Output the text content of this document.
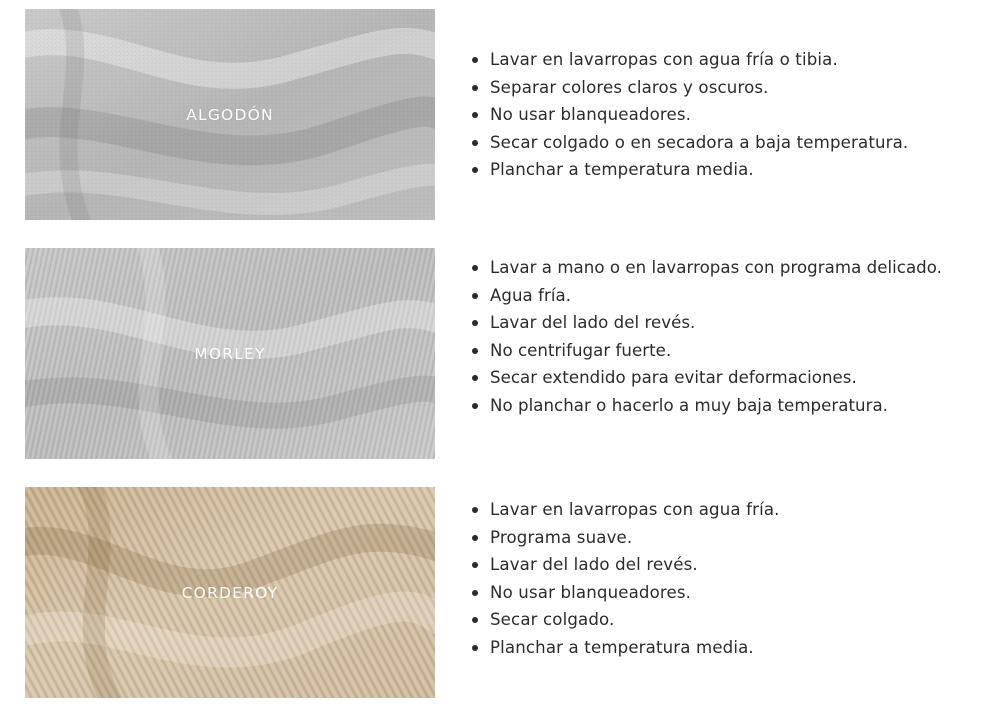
ALGODÓN
Lavar en lavarropas con agua fría o tibia.
Separar colores claros y oscuros.
No usar blanqueadores.
Secar colgado o en secadora a baja temperatura.
Planchar a temperatura media.
MORLEY
Lavar a mano o en lavarropas con programa delicado.
Agua fría.
Lavar del lado del revés.
No centrifugar fuerte.
Secar extendido para evitar deformaciones.
No planchar o hacerlo a muy baja temperatura.
CORDEROY
Lavar en lavarropas con agua fría.
Programa suave.
Lavar del lado del revés.
No usar blanqueadores.
Secar colgado.
Planchar a temperatura media.
